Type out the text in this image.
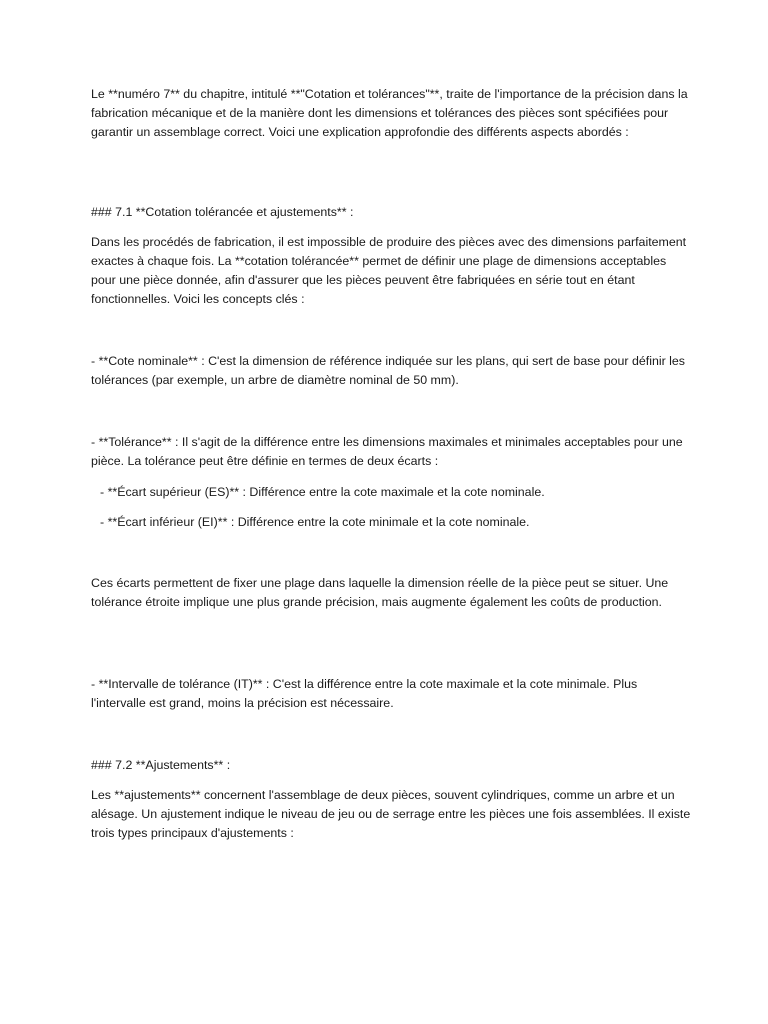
Le **numéro 7** du chapitre, intitulé **"Cotation et tolérances"**, traite de l'importance de la précision dans la fabrication mécanique et de la manière dont les dimensions et tolérances des pièces sont spécifiées pour garantir un assemblage correct. Voici une explication approfondie des différents aspects abordés :

### 7.1 **Cotation tolérancée et ajustements** :

Dans les procédés de fabrication, il est impossible de produire des pièces avec des dimensions parfaitement exactes à chaque fois. La **cotation tolérancée** permet de définir une plage de dimensions acceptables pour une pièce donnée, afin d'assurer que les pièces peuvent être fabriquées en série tout en étant fonctionnelles. Voici les concepts clés :

- **Cote nominale** : C'est la dimension de référence indiquée sur les plans, qui sert de base pour définir les tolérances (par exemple, un arbre de diamètre nominal de 50 mm).

- **Tolérance** : Il s'agit de la différence entre les dimensions maximales et minimales acceptables pour une pièce. La tolérance peut être définie en termes de deux écarts :

- **Écart supérieur (ES)** : Différence entre la cote maximale et la cote nominale.

- **Écart inférieur (EI)** : Différence entre la cote minimale et la cote nominale.

Ces écarts permettent de fixer une plage dans laquelle la dimension réelle de la pièce peut se situer. Une tolérance étroite implique une plus grande précision, mais augmente également les coûts de production.

- **Intervalle de tolérance (IT)** : C'est la différence entre la cote maximale et la cote minimale. Plus l'intervalle est grand, moins la précision est nécessaire.

### 7.2 **Ajustements** :

Les **ajustements** concernent l'assemblage de deux pièces, souvent cylindriques, comme un arbre et un alésage. Un ajustement indique le niveau de jeu ou de serrage entre les pièces une fois assemblées. Il existe trois types principaux d'ajustements :
